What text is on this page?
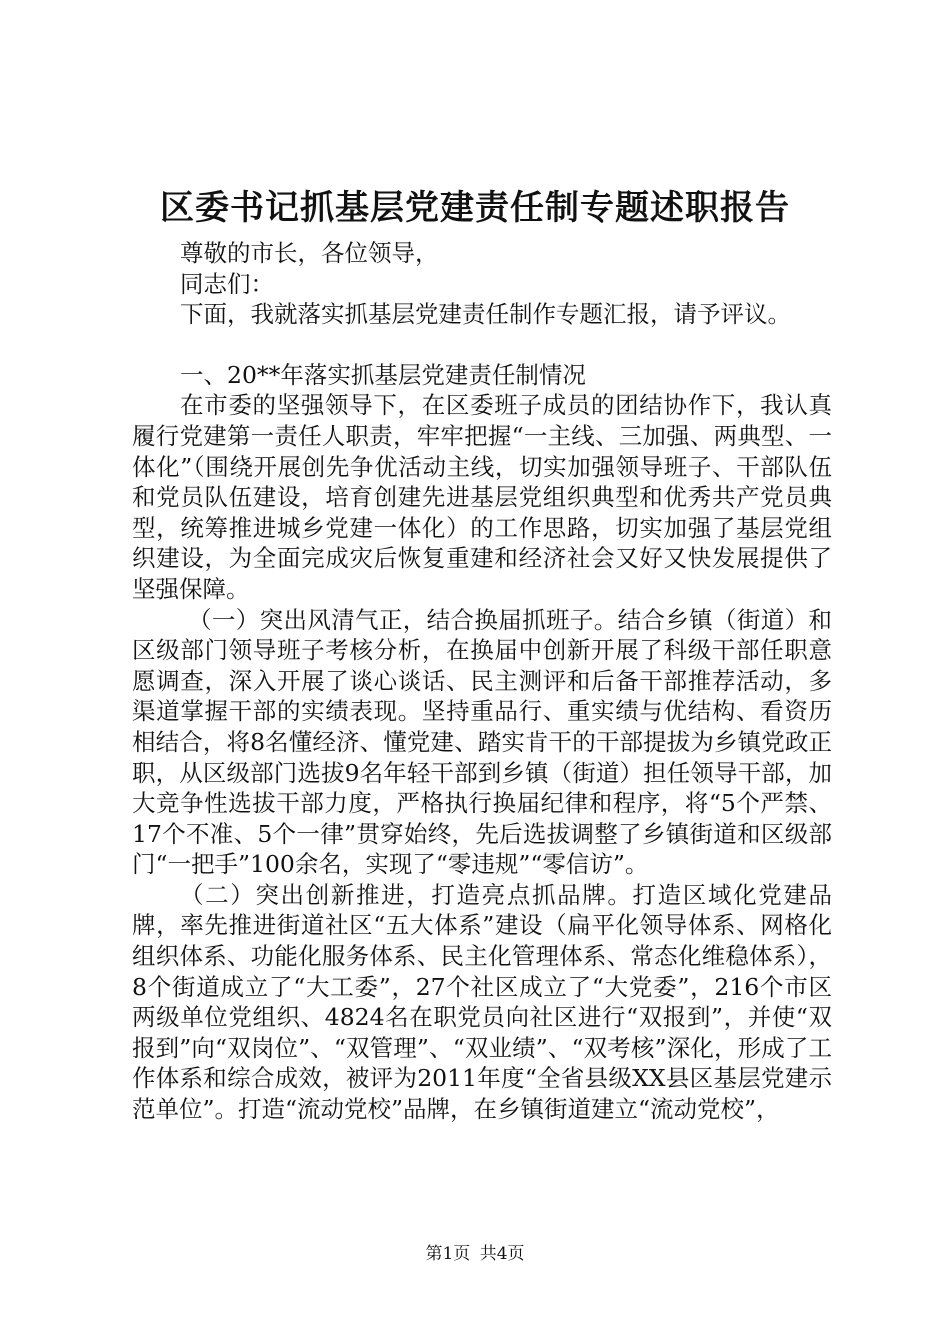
区委书记抓基层党建责任制专题述职报告

尊敬的市长，各位领导，

同志们：

下面，我就落实抓基层党建责任制作专题汇报，请予评议。

一、20**年落实抓基层党建责任制情况

在市委的坚强领导下，在区委班子成员的团结协作下，我认真履行党建第一责任人职责，牢牢把握“一主线、三加强、两典型、一体化”（围绕开展创先争优活动主线，切实加强领导班子、干部队伍和党员队伍建设，培育创建先进基层党组织典型和优秀共产党员典型，统筹推进城乡党建一体化）的工作思路，切实加强了基层党组织建设，为全面完成灾后恢复重建和经济社会又好又快发展提供了坚强保障。

（一）突出风清气正，结合换届抓班子。结合乡镇（街道）和区级部门领导班子考核分析，在换届中创新开展了科级干部任职意愿调查，深入开展了谈心谈话、民主测评和后备干部推荐活动，多渠道掌握干部的实绩表现。坚持重品行、重实绩与优结构、看资历相结合，将8名懂经济、懂党建、踏实肯干的干部提拔为乡镇党政正职，从区级部门选拔9名年轻干部到乡镇（街道）担任领导干部，加大竞争性选拔干部力度，严格执行换届纪律和程序，将“5个严禁、17个不准、5个一律”贯穿始终，先后选拔调整了乡镇街道和区级部门“一把手”100余名，实现了“零违规”“零信访”。

（二）突出创新推进，打造亮点抓品牌。打造区域化党建品牌，率先推进街道社区“五大体系”建设（扁平化领导体系、网格化组织体系、功能化服务体系、民主化管理体系、常态化维稳体系），8个街道成立了“大工委”，27个社区成立了“大党委”，216个市区两级单位党组织、4824名在职党员向社区进行“双报到”，并使“双报到”向“双岗位”、“双管理”、“双业绩”、“双考核”深化，形成了工作体系和综合成效，被评为2011年度“全省县级XX县区基层党建示范单位”。打造“流动党校”品牌，在乡镇街道建立“流动党校”，

第1页 共4页
